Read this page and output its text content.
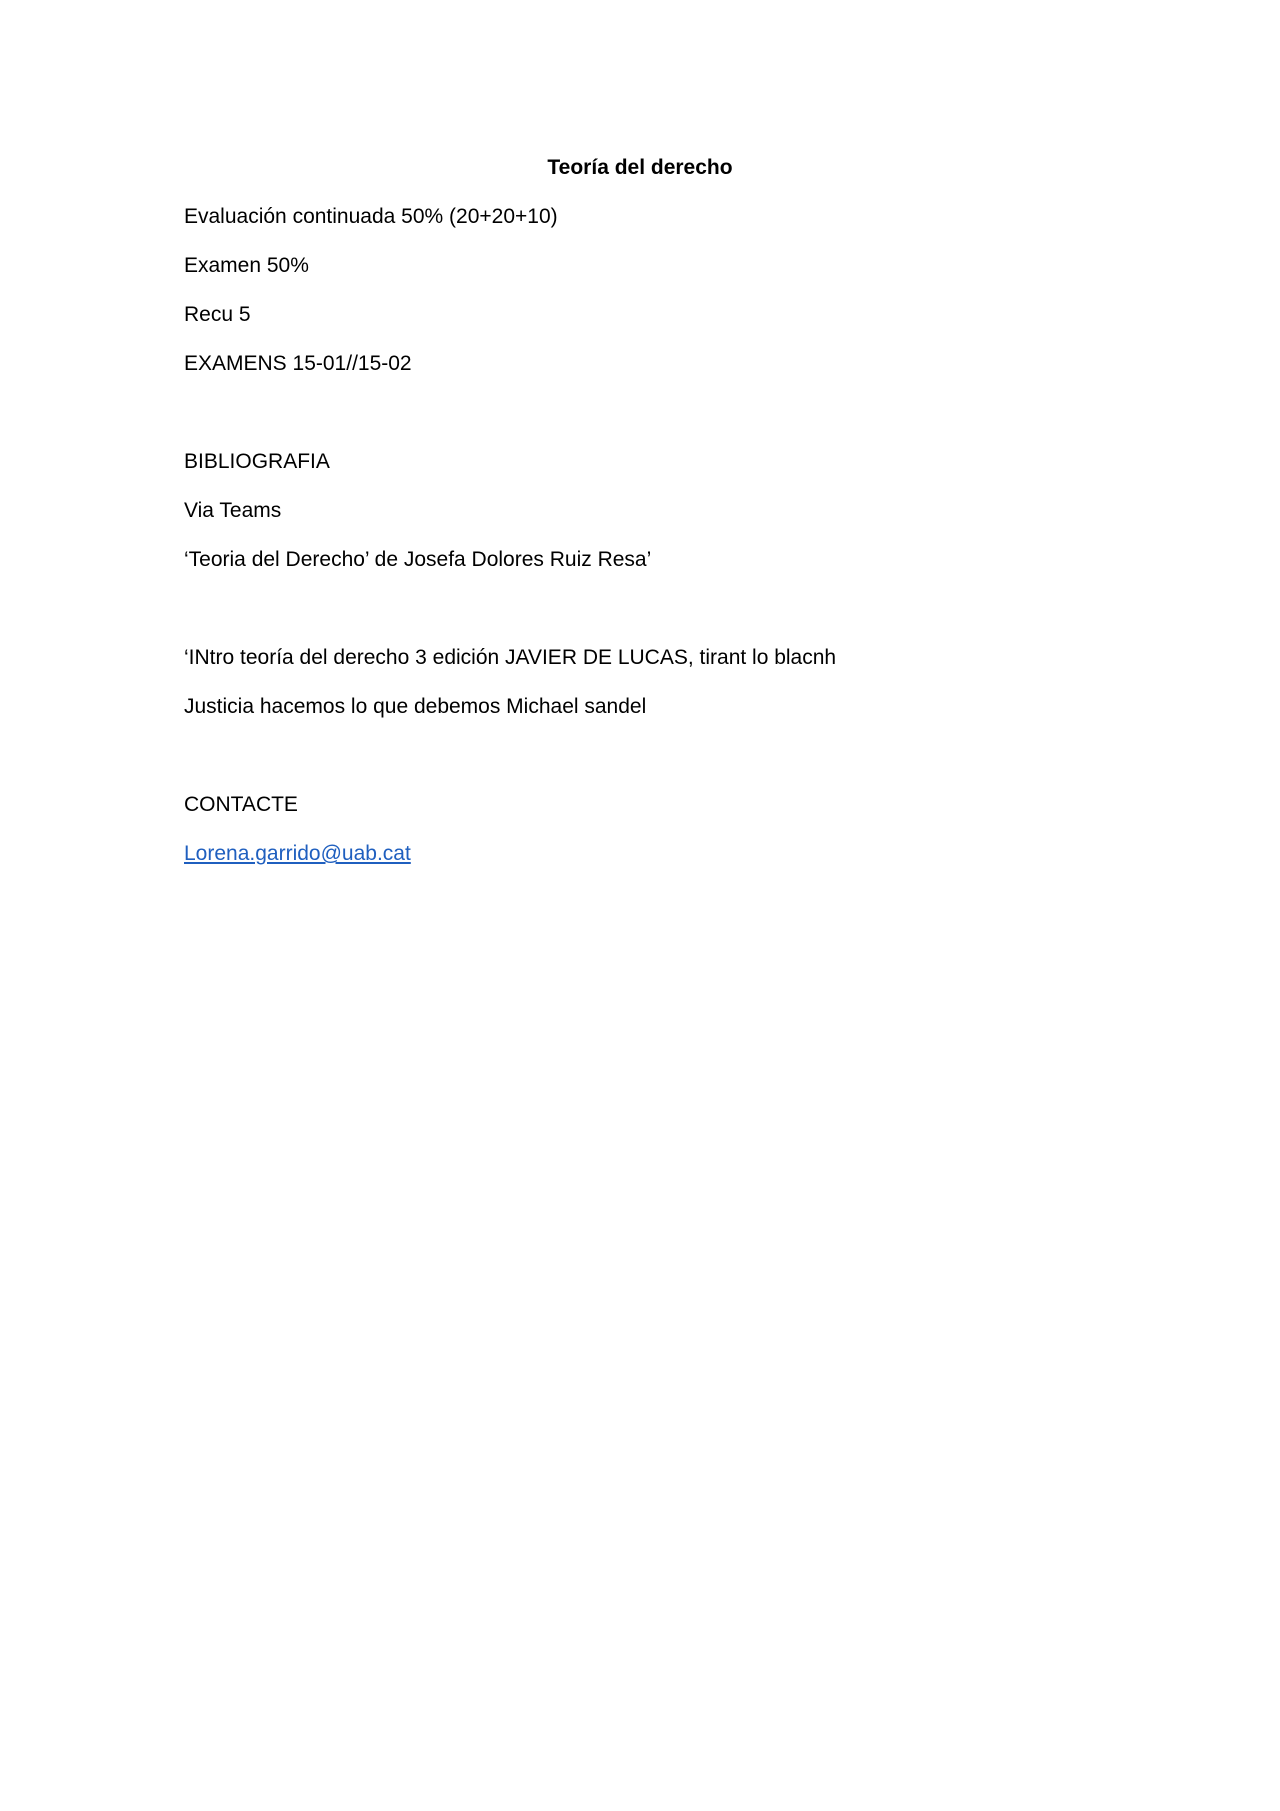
Teoría del derecho

Evaluación continuada 50% (20+20+10)

Examen 50%

Recu 5

EXAMENS 15-01//15-02

BIBLIOGRAFIA

Via Teams

‘Teoria del Derecho’ de Josefa Dolores Ruiz Resa’

‘INtro teoría del derecho 3 edición JAVIER DE LUCAS, tirant lo blacnh

Justicia hacemos lo que debemos Michael sandel

CONTACTE

Lorena.garrido@uab.cat
